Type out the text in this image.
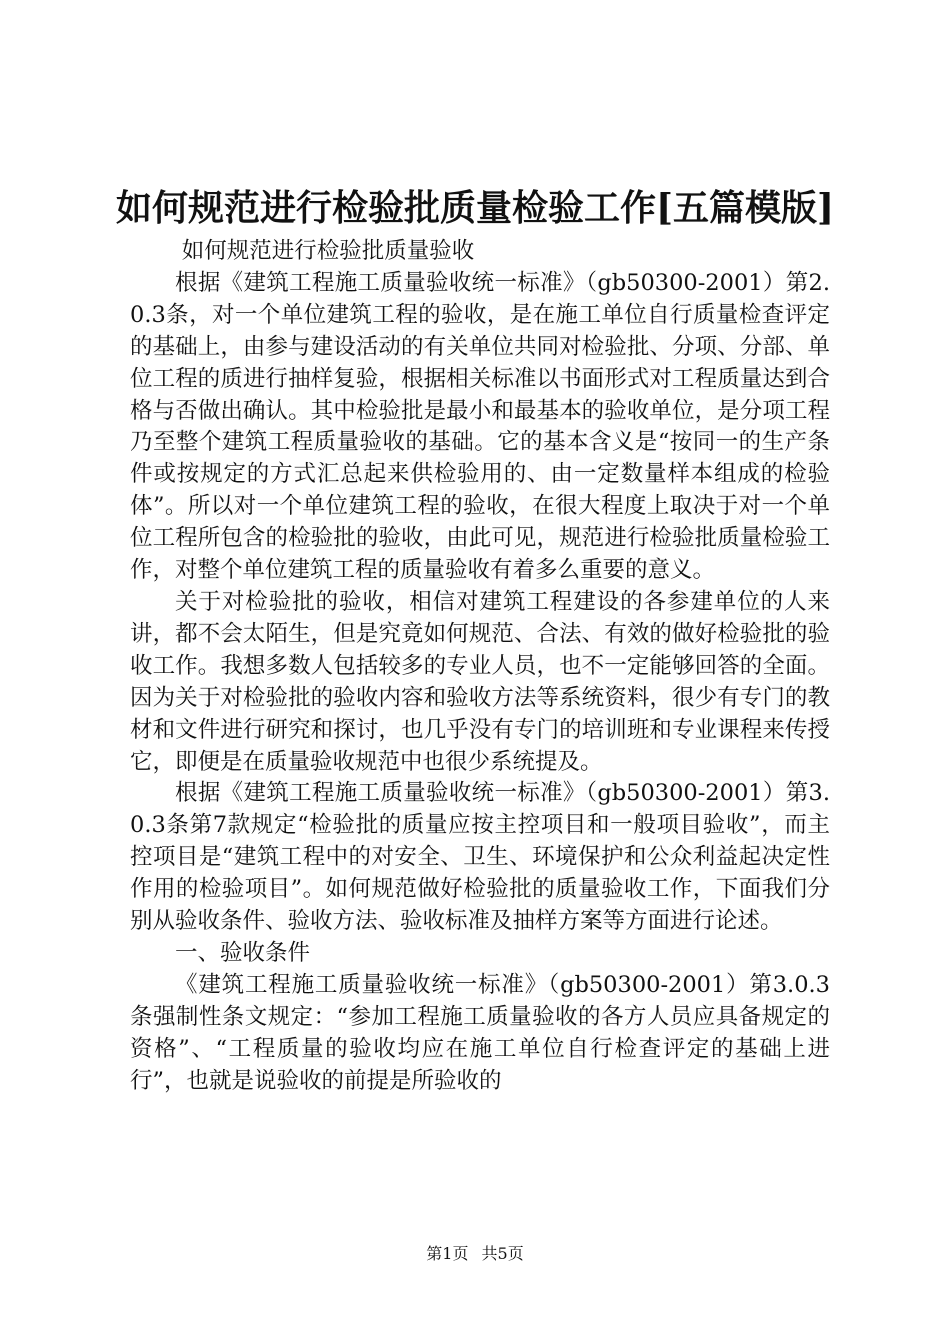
如何规范进行检验批质量检验工作[五篇模版]

如何规范进行检验批质量验收

根据《建筑工程施工质量验收统一标准》（gb50300-2001）第2.0.3条，对一个单位建筑工程的验收，是在施工单位自行质量检查评定的基础上，由参与建设活动的有关单位共同对检验批、分项、分部、单位工程的质进行抽样复验，根据相关标准以书面形式对工程质量达到合格与否做出确认。其中检验批是最小和最基本的验收单位，是分项工程乃至整个建筑工程质量验收的基础。它的基本含义是“按同一的生产条件或按规定的方式汇总起来供检验用的、由一定数量样本组成的检验体”。所以对一个单位建筑工程的验收，在很大程度上取决于对一个单位工程所包含的检验批的验收，由此可见，规范进行检验批质量检验工作，对整个单位建筑工程的质量验收有着多么重要的意义。

关于对检验批的验收，相信对建筑工程建设的各参建单位的人来讲，都不会太陌生，但是究竟如何规范、合法、有效的做好检验批的验收工作。我想多数人包括较多的专业人员，也不一定能够回答的全面。因为关于对检验批的验收内容和验收方法等系统资料，很少有专门的教材和文件进行研究和探讨，也几乎没有专门的培训班和专业课程来传授它，即便是在质量验收规范中也很少系统提及。

根据《建筑工程施工质量验收统一标准》（gb50300-2001）第3.0.3条第7款规定“检验批的质量应按主控项目和一般项目验收”，而主控项目是“建筑工程中的对安全、卫生、环境保护和公众利益起决定性作用的检验项目”。如何规范做好检验批的质量验收工作，下面我们分别从验收条件、验收方法、验收标准及抽样方案等方面进行论述。

一、验收条件

《建筑工程施工质量验收统一标准》（gb50300-2001）第3.0.3条强制性条文规定：“参加工程施工质量验收的各方人员应具备规定的资格”、“工程质量的验收均应在施工单位自行检查评定的基础上进行”，也就是说验收的前提是所验收的

第1页 共5页
